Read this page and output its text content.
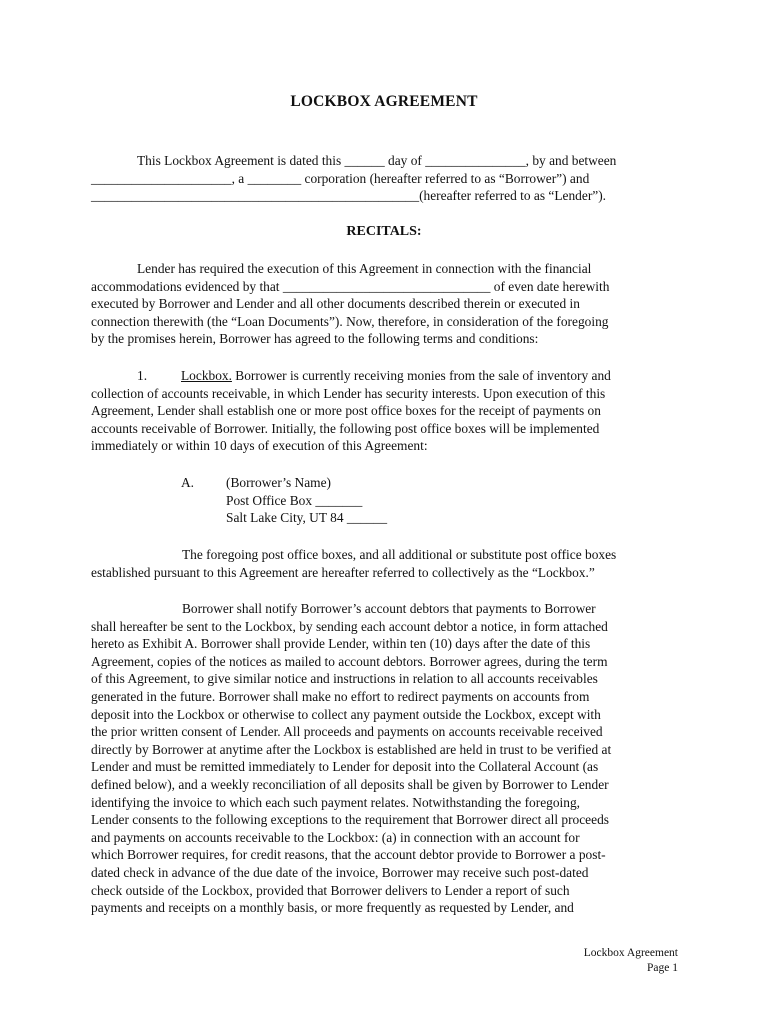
LOCKBOX AGREEMENT
This Lockbox Agreement is dated this ______ day of _______________, by and between
_____________________, a ________ corporation (hereafter referred to as “Borrower”) and
_________________________________________________(hereafter referred to as “Lender”).
RECITALS:
Lender has required the execution of this Agreement in connection with the financial
accommodations evidenced by that _______________________________ of even date herewith
executed by Borrower and Lender and all other documents described therein or executed in
connection therewith (the “Loan Documents”). Now, therefore, in consideration of the foregoing
by the promises herein, Borrower has agreed to the following terms and conditions:
1.	Lockbox. Borrower is currently receiving monies from the sale of inventory and
collection of accounts receivable, in which Lender has security interests. Upon execution of this
Agreement, Lender shall establish one or more post office boxes for the receipt of payments on
accounts receivable of Borrower. Initially, the following post office boxes will be implemented
immediately or within 10 days of execution of this Agreement:
A. (Borrower’s Name)
Post Office Box _______
Salt Lake City, UT 84 ______
The foregoing post office boxes, and all additional or substitute post office boxes
established pursuant to this Agreement are hereafter referred to collectively as the “Lockbox.”
Borrower shall notify Borrower’s account debtors that payments to Borrower
shall hereafter be sent to the Lockbox, by sending each account debtor a notice, in form attached
hereto as Exhibit A. Borrower shall provide Lender, within ten (10) days after the date of this
Agreement, copies of the notices as mailed to account debtors. Borrower agrees, during the term
of this Agreement, to give similar notice and instructions in relation to all accounts receivables
generated in the future. Borrower shall make no effort to redirect payments on accounts from
deposit into the Lockbox or otherwise to collect any payment outside the Lockbox, except with
the prior written consent of Lender. All proceeds and payments on accounts receivable received
directly by Borrower at anytime after the Lockbox is established are held in trust to be verified at
Lender and must be remitted immediately to Lender for deposit into the Collateral Account (as
defined below), and a weekly reconciliation of all deposits shall be given by Borrower to Lender
identifying the invoice to which each such payment relates. Notwithstanding the foregoing,
Lender consents to the following exceptions to the requirement that Borrower direct all proceeds
and payments on accounts receivable to the Lockbox: (a) in connection with an account for
which Borrower requires, for credit reasons, that the account debtor provide to Borrower a post-
dated check in advance of the due date of the invoice, Borrower may receive such post-dated
check outside of the Lockbox, provided that Borrower delivers to Lender a report of such
payments and receipts on a monthly basis, or more frequently as requested by Lender, and
Lockbox Agreement
Page 1
